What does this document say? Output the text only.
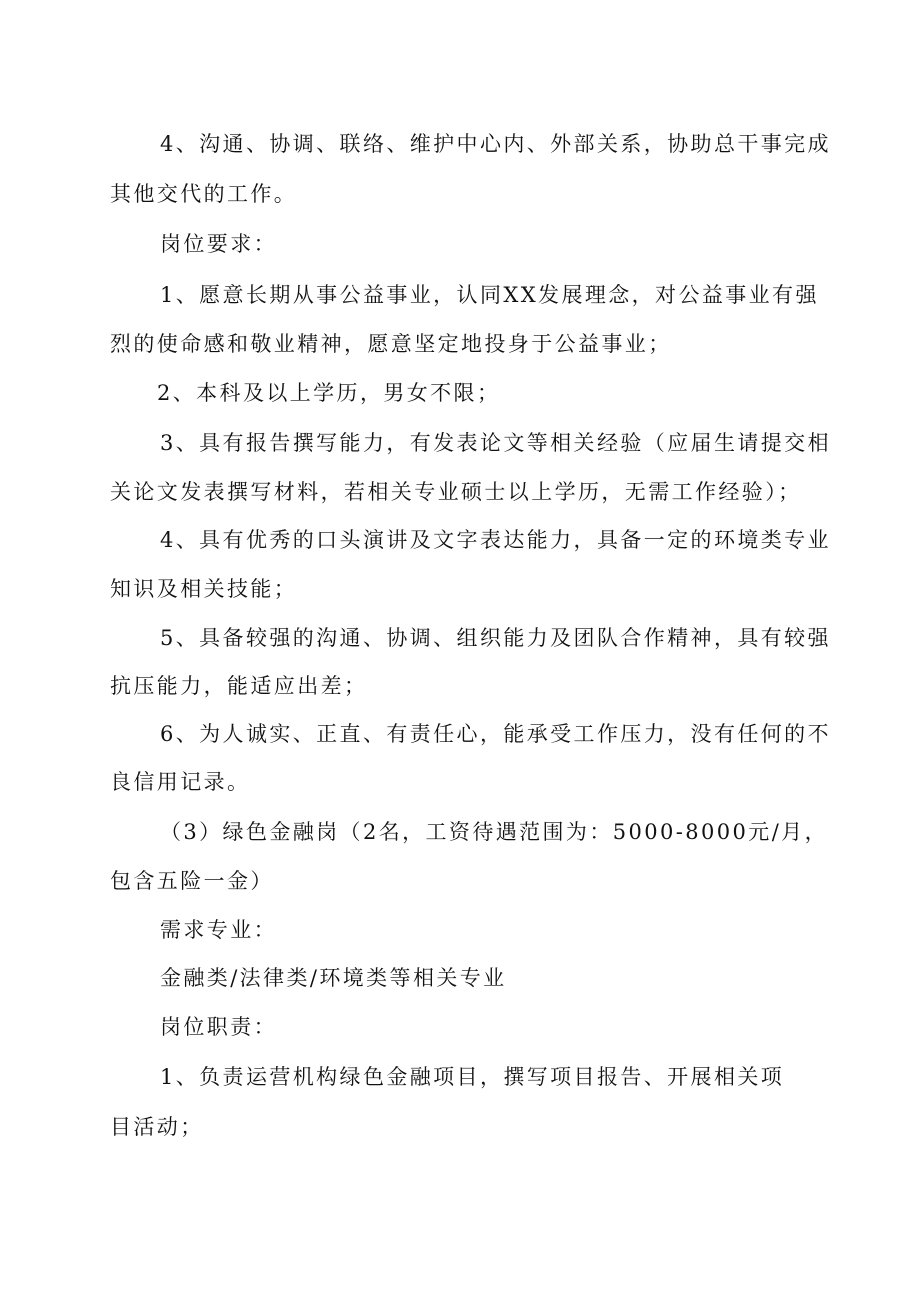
4、沟通、协调、联络、维护中心内、外部关系，协助总干事完成
其他交代的工作。
岗位要求：
1、愿意长期从事公益事业，认同XX发展理念，对公益事业有强
烈的使命感和敬业精神，愿意坚定地投身于公益事业；
2、本科及以上学历，男女不限；
3、具有报告撰写能力，有发表论文等相关经验（应届生请提交相
关论文发表撰写材料，若相关专业硕士以上学历，无需工作经验）；
4、具有优秀的口头演讲及文字表达能力，具备一定的环境类专业
知识及相关技能；
5、具备较强的沟通、协调、组织能力及团队合作精神，具有较强
抗压能力，能适应出差；
6、为人诚实、正直、有责任心，能承受工作压力，没有任何的不
良信用记录。
（3）绿色金融岗（2名，工资待遇范围为：5000-8000元/月，
包含五险一金）
需求专业：
金融类/法律类/环境类等相关专业
岗位职责：
1、负责运营机构绿色金融项目，撰写项目报告、开展相关项
目活动；
